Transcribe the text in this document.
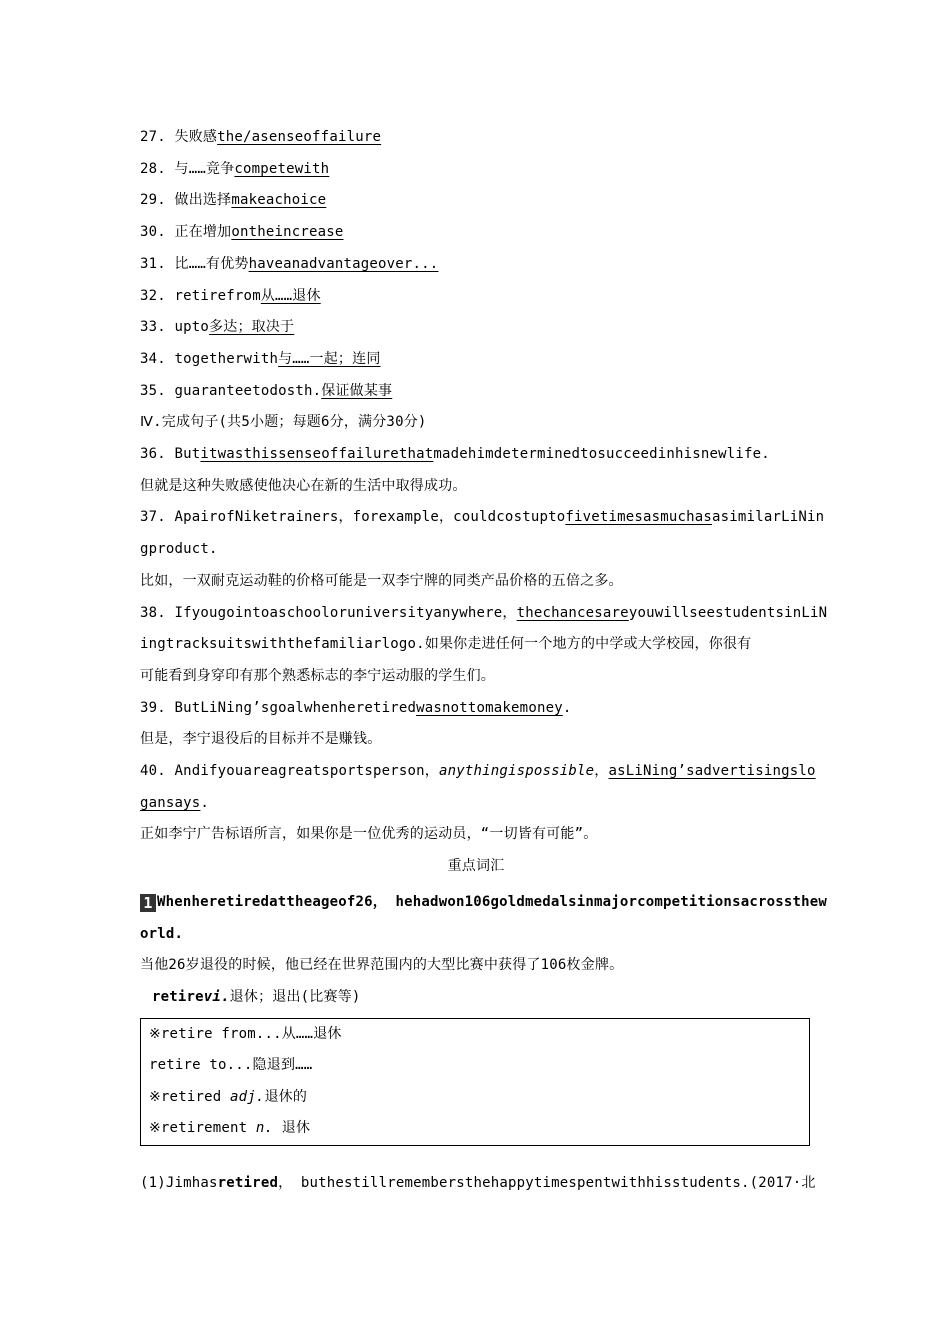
27. 失败感the/asenseoffailure
28. 与……竞争competewith
29. 做出选择makeachoice
30. 正在增加ontheincrease
31. 比……有优势haveanadvantageover...
32. retirefrom从……退休
33. upto多达；取决于
34. togetherwith与……一起；连同
35. guaranteetodosth.保证做某事
Ⅳ.完成句子(共5小题；每题6分，满分30分)
36. Butitwasthissenseoffailurethatmadehimdeterminedtosucceedinhisnewlife.
但就是这种失败感使他决心在新的生活中取得成功。
37. ApairofNiketrainers，forexample，couldcostuptofivetimesasmuchasasimilarLiNin
gproduct.
比如，一双耐克运动鞋的价格可能是一双李宁牌的同类产品价格的五倍之多。
38. Ifyougointoaschooloruniversityanywhere，thechancesareyouwillseestudentsinLiN
ingtracksuitswiththefamiliarlogo.如果你走进任何一个地方的中学或大学校园，你很有
可能看到身穿印有那个熟悉标志的李宁运动服的学生们。
39. ButLiNing’sgoalwhenheretiredwasnottomakemoney.
但是，李宁退役后的目标并不是赚钱。
40. Andifyouareagreatsportsperson，anythingispossible，asLiNing’sadvertisingslo
gansays.
正如李宁广告标语所言，如果你是一位优秀的运动员，“一切皆有可能”。
重点词汇
1 Whenheretiredattheageof26， hehadwon106goldmedalsinmajorcompetitionsacrossthew
orld.
当他26岁退役的时候，他已经在世界范围内的大型比赛中获得了106枚金牌。
retirevi.退休；退出(比赛等)
※retire from...从……退休
retire to...隐退到……
※retired adj.退休的
※retirement n. 退休
(1)Jimhasretired， buthestillremembersthehappytimespentwithhisstudents.(2017·北
